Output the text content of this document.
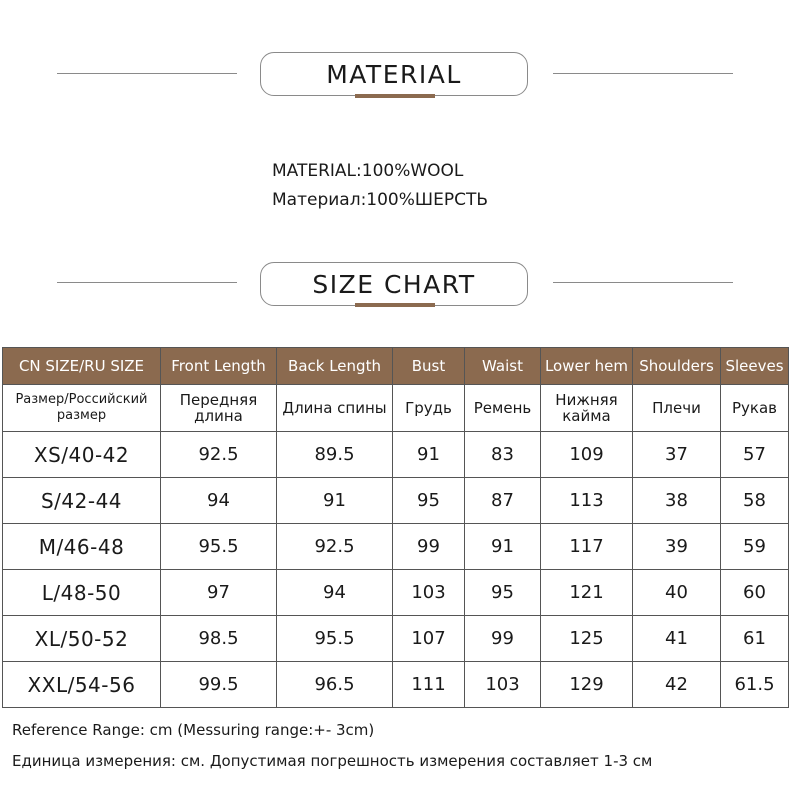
MATERIAL
MATERIAL:100%WOOL
Материал:100%ШЕРСТЬ
SIZE CHART
CN SIZE/RU SIZE	Front Length	Back Length	Bust	Waist	Lower hem	Shoulders	Sleeves
Размер/Российский размер	Передняя длина	Длина спины	Грудь	Ремень	Нижняя кайма	Плечи	Рукав
XS/40-42	92.5	89.5	91	83	109	37	57
S/42-44	94	91	95	87	113	38	58
M/46-48	95.5	92.5	99	91	117	39	59
L/48-50	97	94	103	95	121	40	60
XL/50-52	98.5	95.5	107	99	125	41	61
XXL/54-56	99.5	96.5	111	103	129	42	61.5
Reference Range: cm (Messuring range:+- 3cm)
Единица измерения: см. Допустимая погрешность измерения составляет 1-3 см
